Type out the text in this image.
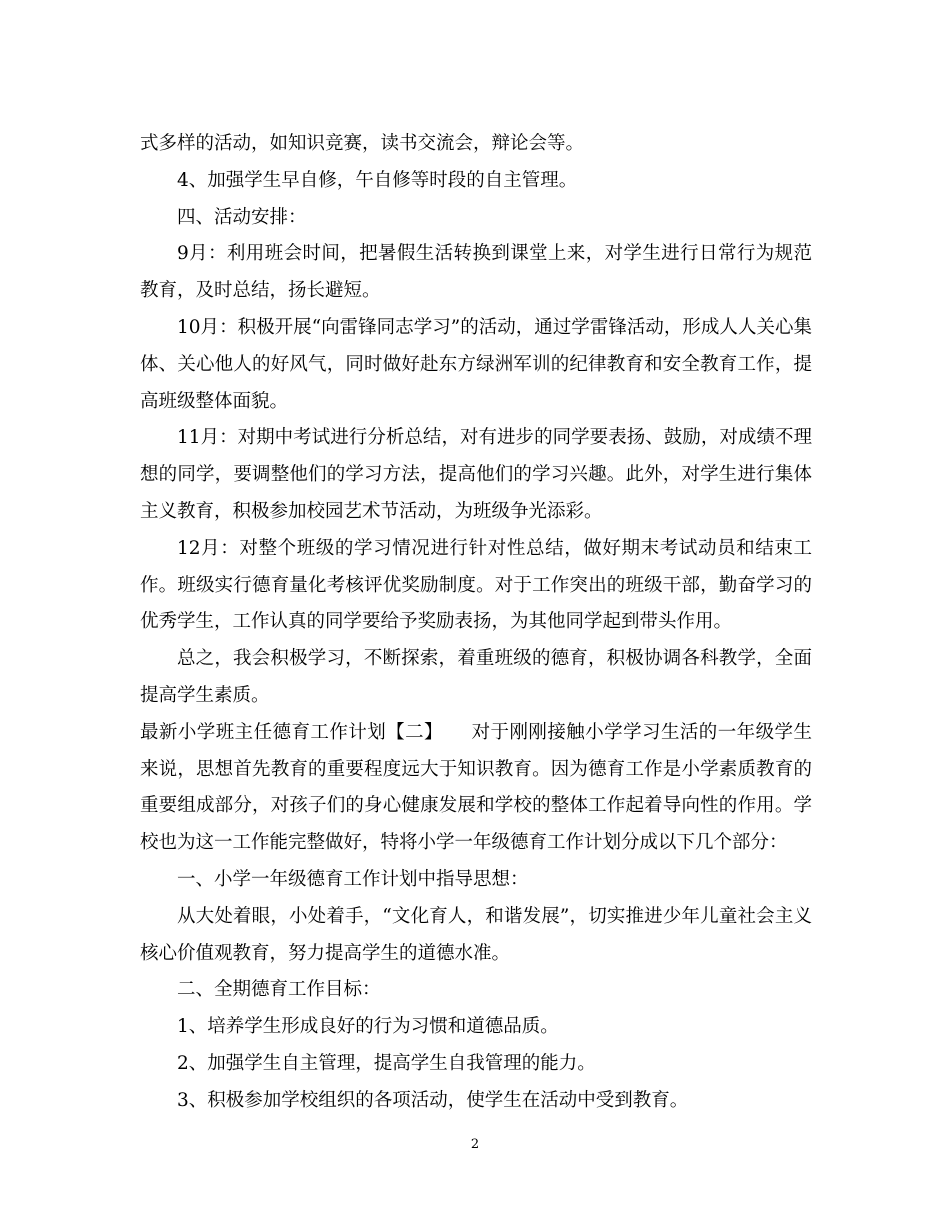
式多样的活动，如知识竞赛，读书交流会，辩论会等。

4、加强学生早自修，午自修等时段的自主管理。

四、活动安排：

9月：利用班会时间，把暑假生活转换到课堂上来，对学生进行日常行为规范教育，及时总结，扬长避短。

10月：积极开展“向雷锋同志学习”的活动，通过学雷锋活动，形成人人关心集体、关心他人的好风气，同时做好赴东方绿洲军训的纪律教育和安全教育工作，提高班级整体面貌。

11月：对期中考试进行分析总结，对有进步的同学要表扬、鼓励，对成绩不理想的同学，要调整他们的学习方法，提高他们的学习兴趣。此外，对学生进行集体主义教育，积极参加校园艺术节活动，为班级争光添彩。

12月：对整个班级的学习情况进行针对性总结，做好期末考试动员和结束工作。班级实行德育量化考核评优奖励制度。对于工作突出的班级干部，勤奋学习的优秀学生，工作认真的同学要给予奖励表扬，为其他同学起到带头作用。

总之，我会积极学习，不断探索，着重班级的德育，积极协调各科教学，全面提高学生素质。

最新小学班主任德育工作计划【二】　　对于刚刚接触小学学习生活的一年级学生来说，思想首先教育的重要程度远大于知识教育。因为德育工作是小学素质教育的重要组成部分，对孩子们的身心健康发展和学校的整体工作起着导向性的作用。学校也为这一工作能完整做好，特将小学一年级德育工作计划分成以下几个部分：

一、小学一年级德育工作计划中指导思想：

从大处着眼，小处着手，“文化育人，和谐发展”，切实推进少年儿童社会主义核心价值观教育，努力提高学生的道德水准。

二、全期德育工作目标：

1、培养学生形成良好的行为习惯和道德品质。

2、加强学生自主管理，提高学生自我管理的能力。

3、积极参加学校组织的各项活动，使学生在活动中受到教育。

2
